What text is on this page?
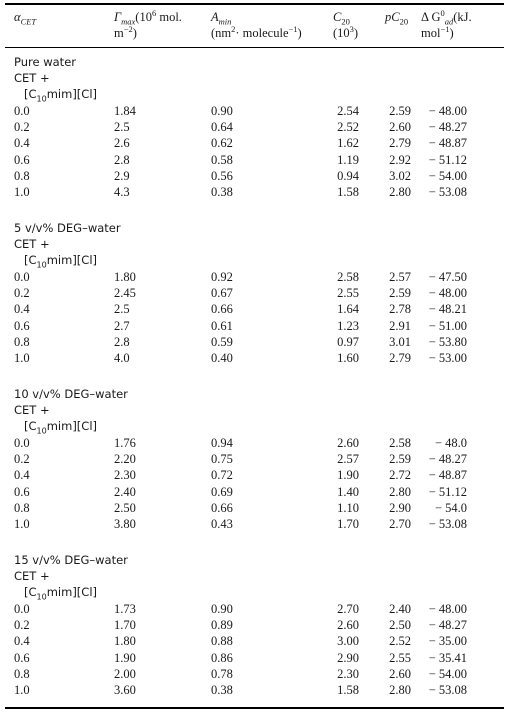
$\alpha_{CET}$	$\Gamma_{max}(10^6$ mol.
$m^{-2}$)
$A_{min}$
($nm^2\cdot$ molecule$^{-1}$)
$C_{20}$
$(10^3)$
$pC_{20}$ Δ $G^0_{ad}(kJ$.
mol$^{-1}$)
Pure water
CET +
$[C_{10}mim][Cl]$
0.0	1.84	0.90	2.54 2.59 − 48.00
0.2	2.5	0.64	2.52 2.60 − 48.27
0.4	2.6	0.62	1.62 2.79 − 48.87
0.6	2.8	0.58	1.19 2.92 − 51.12
0.8	2.9	0.56	0.94 3.02 − 54.00
1.0	4.3	0.38	1.58 2.80 − 53.08
5 v/v% DEG–water
CET +
$[C_{10}mim][Cl]$
0.0	1.80	0.92	2.58 2.57 − 47.50
0.2	2.45	0.67	2.55 2.59 − 48.00
0.4	2.5	0.66	1.64 2.78 − 48.21
0.6	2.7	0.61	1.23 2.91 − 51.00
0.8	2.8	0.59	0.97 3.01 − 53.80
1.0	4.0	0.40	1.60 2.79 − 53.00
10 v/v% DEG–water
CET +
$[C_{10}mim][Cl]$
0.0	1.76	0.94	2.60 2.58 − 48.0
0.2	2.20	0.75	2.57 2.59 − 48.27
0.4	2.30	0.72	1.90 2.72 − 48.87
0.6	2.40	0.69	1.40 2.80 − 51.12
0.8	2.50	0.66	1.10 2.90 − 54.0
1.0	3.80	0.43	1.70 2.70 − 53.08
15 v/v% DEG–water
CET +
$[C_{10}mim][Cl]$
0.0	1.73	0.90	2.70 2.40 − 48.00
0.2	1.70	0.89	2.60 2.50 − 48.27
0.4	1.80	0.88	3.00 2.52 − 35.00
0.6	1.90	0.86	2.90 2.55 − 35.41
0.8	2.00	0.78	2.30 2.60 − 54.00
1.0	3.60	0.38	1.58 2.80 − 53.08
